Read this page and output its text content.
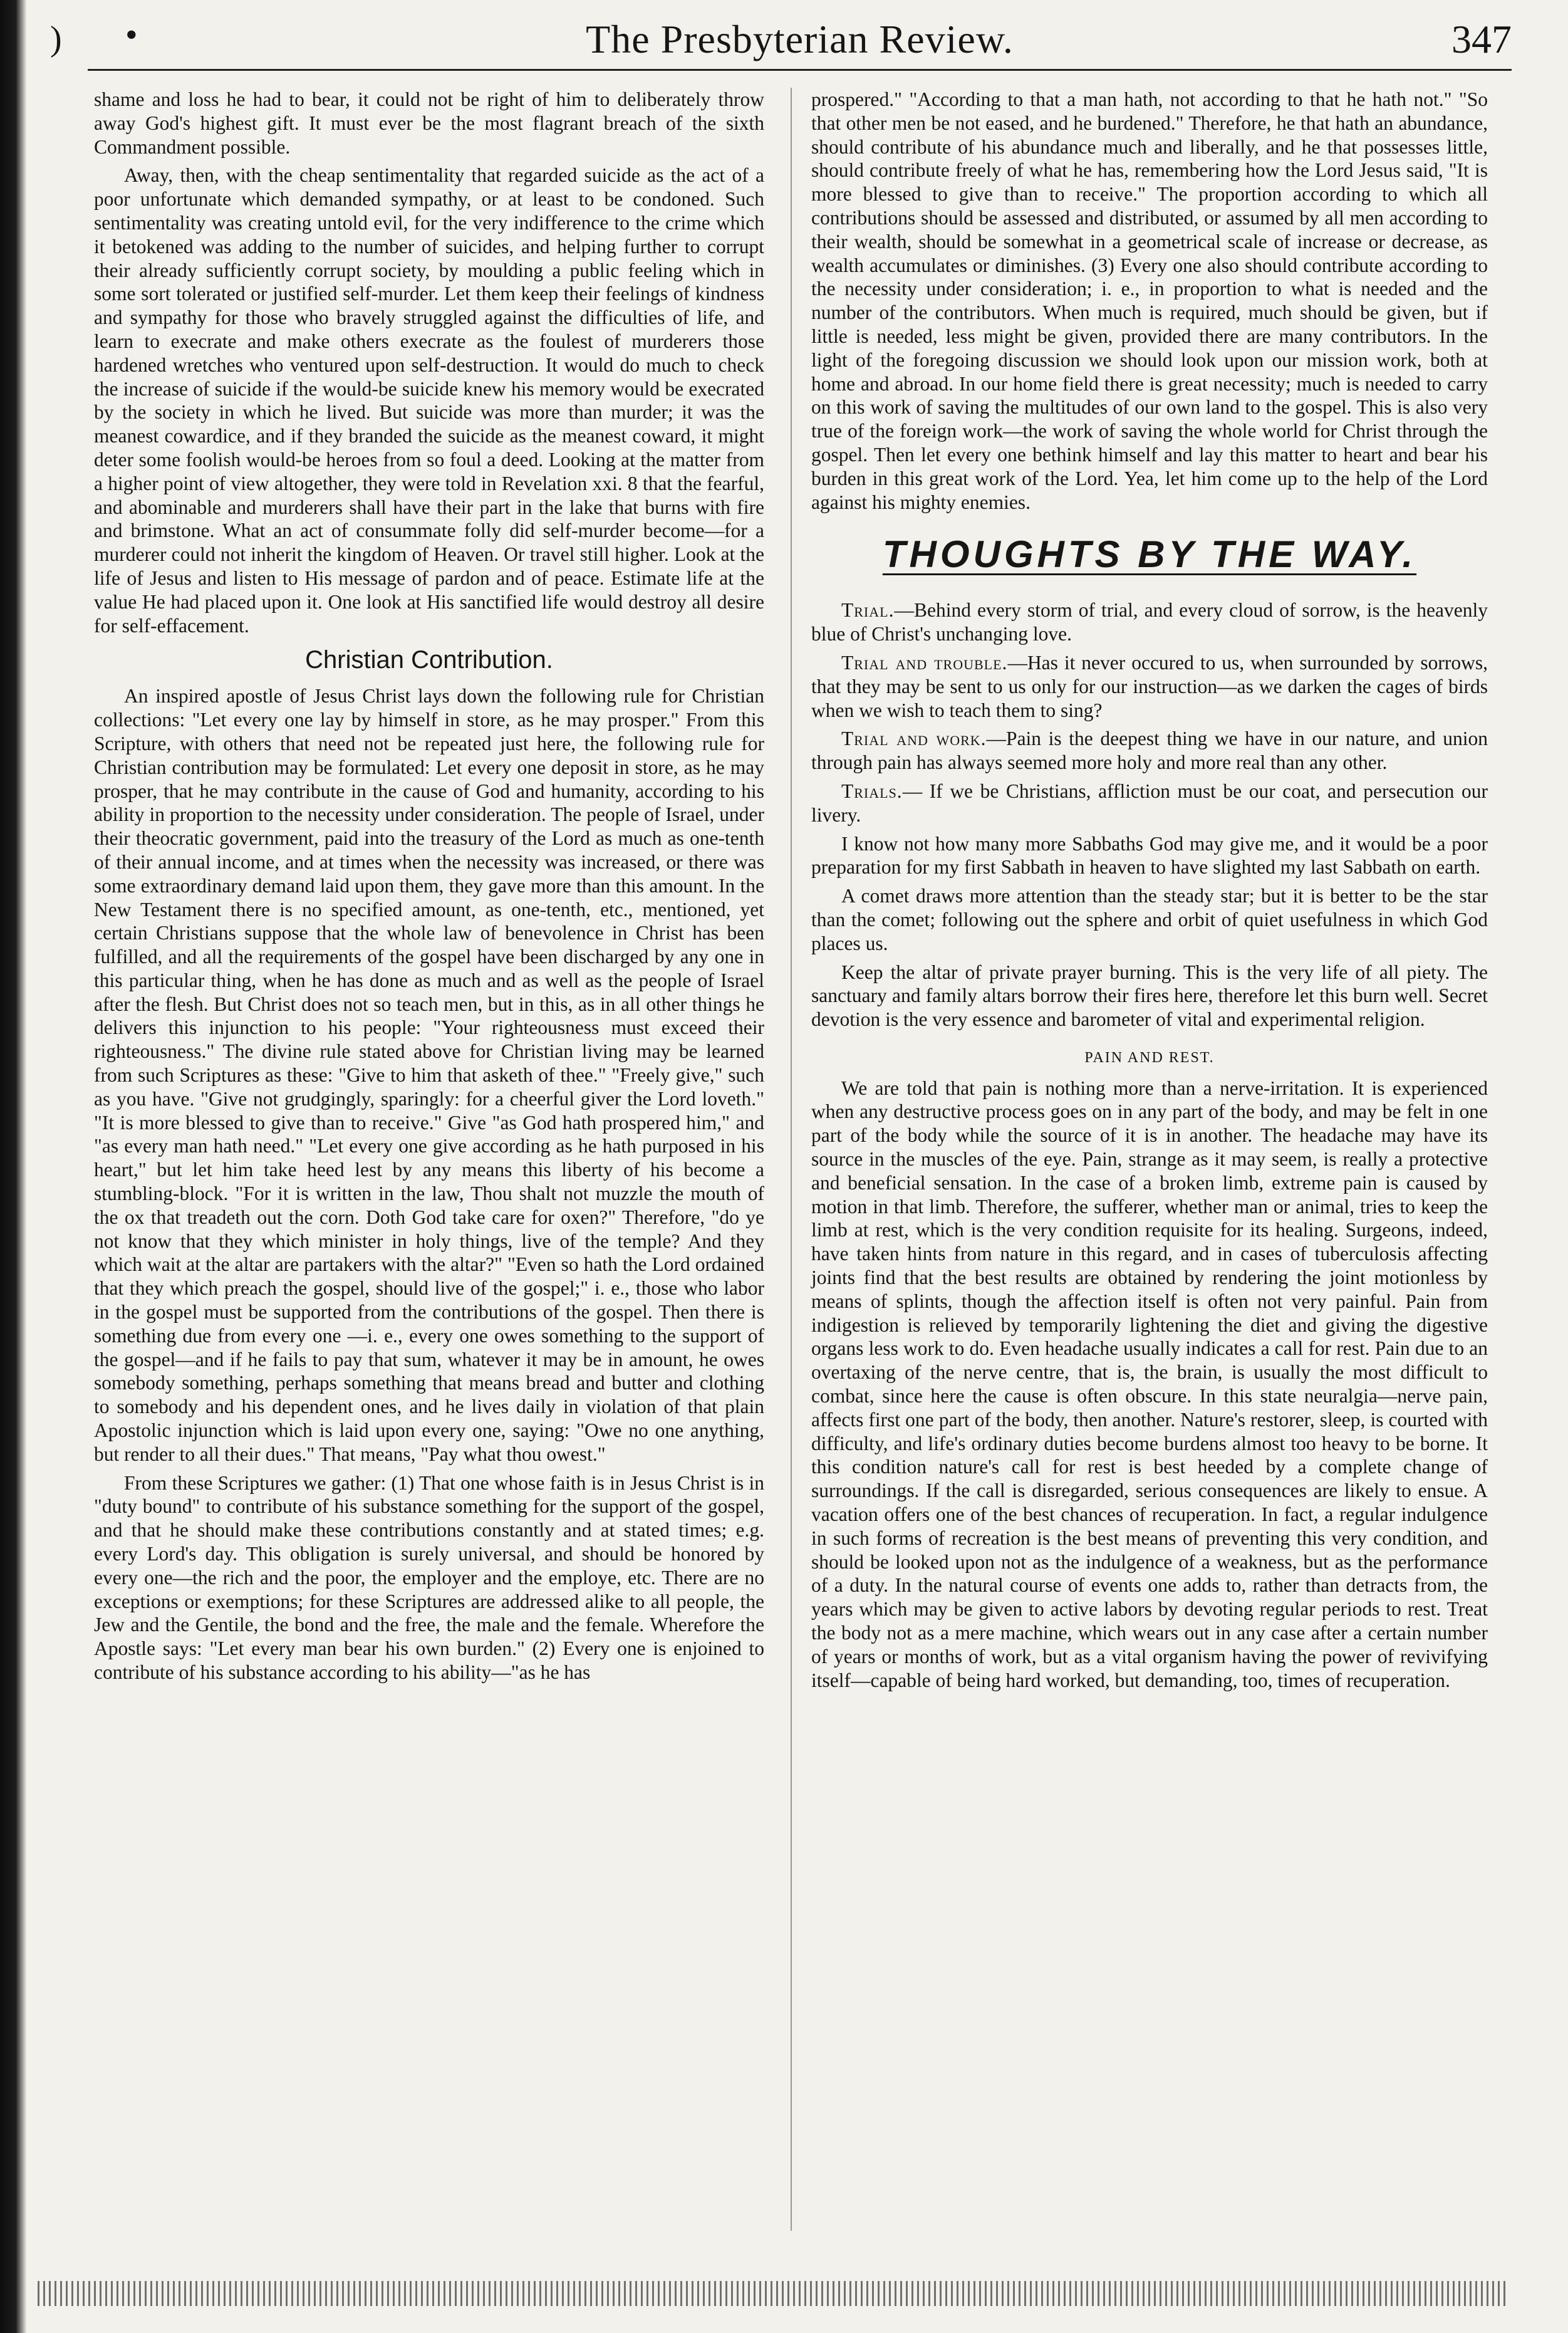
) •	The Presbyterian Review.	347

shame and loss he had to bear, it could not be right of him to deliberately throw away God's highest gift. It must ever be the most flagrant breach of the sixth Commandment possible.

Away, then, with the cheap sentimentality that regarded suicide as the act of a poor unfortunate which demanded sympathy, or at least to be condoned. Such sentimentality was creating untold evil, for the very indifference to the crime which it betokened was adding to the number of suicides, and helping further to corrupt their already sufficiently corrupt society, by moulding a public feeling which in some sort tolerated or justified self-murder. Let them keep their feelings of kindness and sympathy for those who bravely struggled against the difficulties of life, and learn to execrate and make others execrate as the foulest of murderers those hardened wretches who ventured upon self-destruction. It would do much to check the increase of suicide if the would-be suicide knew his memory would be execrated by the society in which he lived. But suicide was more than murder; it was the meanest cowardice, and if they branded the suicide as the meanest coward, it might deter some foolish would-be heroes from so foul a deed. Looking at the matter from a higher point of view altogether, they were told in Revelation xxi. 8 that the fearful, and abominable and murderers shall have their part in the lake that burns with fire and brimstone. What an act of consummate folly did self-murder become—for a murderer could not inherit the kingdom of Heaven. Or travel still higher. Look at the life of Jesus and listen to His message of pardon and of peace. Estimate life at the value He had placed upon it. One look at His sanctified life would destroy all desire for self-effacement.

Christian Contribution.

An inspired apostle of Jesus Christ lays down the following rule for Christian collections: "Let every one lay by himself in store, as he may prosper." From this Scripture, with others that need not be repeated just here, the following rule for Christian contribution may be formulated: Let every one deposit in store, as he may prosper, that he may contribute in the cause of God and humanity, according to his ability in proportion to the necessity under consideration. The people of Israel, under their theocratic government, paid into the treasury of the Lord as much as one-tenth of their annual income, and at times when the necessity was increased, or there was some extraordinary demand laid upon them, they gave more than this amount. In the New Testament there is no specified amount, as one-tenth, etc., mentioned, yet certain Christians suppose that the whole law of benevolence in Christ has been fulfilled, and all the requirements of the gospel have been discharged by any one in this particular thing, when he has done as much and as well as the people of Israel after the flesh. But Christ does not so teach men, but in this, as in all other things he delivers this injunction to his people: "Your righteousness must exceed their righteousness." The divine rule stated above for Christian living may be learned from such Scriptures as these: "Give to him that asketh of thee." "Freely give," such as you have. "Give not grudgingly, sparingly: for a cheerful giver the Lord loveth." "It is more blessed to give than to receive." Give "as God hath prospered him," and "as every man hath need." "Let every one give according as he hath purposed in his heart," but let him take heed lest by any means this liberty of his become a stumbling-block. "For it is written in the law, Thou shalt not muzzle the mouth of the ox that treadeth out the corn. Doth God take care for oxen?" Therefore, "do ye not know that they which minister in holy things, live of the temple? And they which wait at the altar are partakers with the altar?" "Even so hath the Lord ordained that they which preach the gospel, should live of the gospel;" i. e., those who labor in the gospel must be supported from the contributions of the gospel. Then there is something due from every one —i. e., every one owes something to the support of the gospel—and if he fails to pay that sum, whatever it may be in amount, he owes somebody something, perhaps something that means bread and butter and clothing to somebody and his dependent ones, and he lives daily in violation of that plain Apostolic injunction which is laid upon every one, saying: "Owe no one anything, but render to all their dues." That means, "Pay what thou owest."

From these Scriptures we gather: (1) That one whose faith is in Jesus Christ is in "duty bound" to contribute of his substance something for the support of the gospel, and that he should make these contributions constantly and at stated times; e.g. every Lord's day. This obligation is surely universal, and should be honored by every one—the rich and the poor, the employer and the employe, etc. There are no exceptions or exemptions; for these Scriptures are addressed alike to all people, the Jew and the Gentile, the bond and the free, the male and the female. Wherefore the Apostle says: "Let every man bear his own burden." (2) Every one is enjoined to contribute of his substance according to his ability—"as he has

prospered." "According to that a man hath, not according to that he hath not." "So that other men be not eased, and he burdened." Therefore, he that hath an abundance, should contribute of his abundance much and liberally, and he that possesses little, should contribute freely of what he has, remembering how the Lord Jesus said, "It is more blessed to give than to receive." The proportion according to which all contributions should be assessed and distributed, or assumed by all men according to their wealth, should be somewhat in a geometrical scale of increase or decrease, as wealth accumulates or diminishes. (3) Every one also should contribute according to the necessity under consideration; i. e., in proportion to what is needed and the number of the contributors. When much is required, much should be given, but if little is needed, less might be given, provided there are many contributors. In the light of the foregoing discussion we should look upon our mission work, both at home and abroad. In our home field there is great necessity; much is needed to carry on this work of saving the multitudes of our own land to the gospel. This is also very true of the foreign work—the work of saving the whole world for Christ through the gospel. Then let every one bethink himself and lay this matter to heart and bear his burden in this great work of the Lord. Yea, let him come up to the help of the Lord against his mighty enemies.

THOUGHTS BY THE WAY.

Trial.—Behind every storm of trial, and every cloud of sorrow, is the heavenly blue of Christ's unchanging love.

Trial and trouble.—Has it never occured to us, when surrounded by sorrows, that they may be sent to us only for our instruction—as we darken the cages of birds when we wish to teach them to sing?

Trial and work.—Pain is the deepest thing we have in our nature, and union through pain has always seemed more holy and more real than any other.

Trials.— If we be Christians, affliction must be our coat, and persecution our livery.

I know not how many more Sabbaths God may give me, and it would be a poor preparation for my first Sabbath in heaven to have slighted my last Sabbath on earth.

A comet draws more attention than the steady star; but it is better to be the star than the comet; following out the sphere and orbit of quiet usefulness in which God places us.

Keep the altar of private prayer burning. This is the very life of all piety. The sanctuary and family altars borrow their fires here, therefore let this burn well. Secret devotion is the very essence and barometer of vital and experimental religion.

PAIN AND REST.

We are told that pain is nothing more than a nerve-irritation. It is experienced when any destructive process goes on in any part of the body, and may be felt in one part of the body while the source of it is in another. The headache may have its source in the muscles of the eye. Pain, strange as it may seem, is really a protective and beneficial sensation. In the case of a broken limb, extreme pain is caused by motion in that limb. Therefore, the sufferer, whether man or animal, tries to keep the limb at rest, which is the very condition requisite for its healing. Surgeons, indeed, have taken hints from nature in this regard, and in cases of tuberculosis affecting joints find that the best results are obtained by rendering the joint motionless by means of splints, though the affection itself is often not very painful. Pain from indigestion is relieved by temporarily lightening the diet and giving the digestive organs less work to do. Even headache usually indicates a call for rest. Pain due to an overtaxing of the nerve centre, that is, the brain, is usually the most difficult to combat, since here the cause is often obscure. In this state neuralgia—nerve pain, affects first one part of the body, then another. Nature's restorer, sleep, is courted with difficulty, and life's ordinary duties become burdens almost too heavy to be borne. It this condition nature's call for rest is best heeded by a complete change of surroundings. If the call is disregarded, serious consequences are likely to ensue. A vacation offers one of the best chances of recuperation. In fact, a regular indulgence in such forms of recreation is the best means of preventing this very condition, and should be looked upon not as the indulgence of a weakness, but as the performance of a duty. In the natural course of events one adds to, rather than detracts from, the years which may be given to active labors by devoting regular periods to rest. Treat the body not as a mere machine, which wears out in any case after a certain number of years or months of work, but as a vital organism having the power of revivifying itself—capable of being hard worked, but demanding, too, times of recuperation.
